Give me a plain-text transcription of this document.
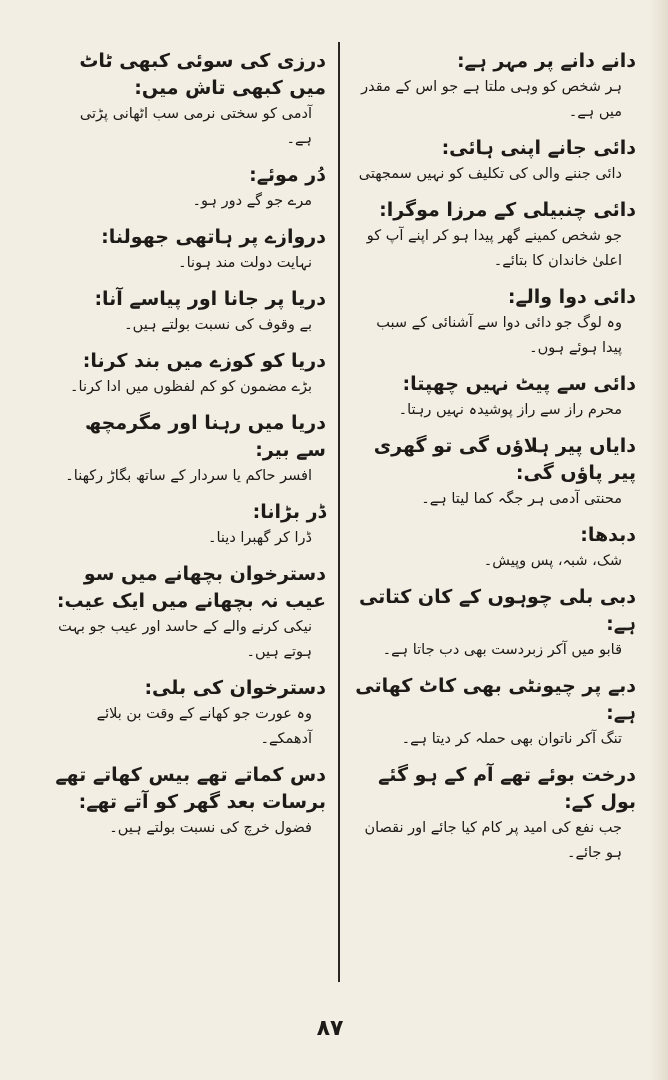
دانے دانے پر مہر ہے:

ہر شخص کو وہی ملتا ہے جو اس کے مقدر میں ہے۔

دائی جانے اپنی ہائی:

دائی جننے والی کی تکلیف کو نہیں سمجھتی

دائی چنبیلی کے مرزا موگرا:

جو شخص کمینے گھر پیدا ہو کر اپنے آپ کو اعلیٰ خاندان کا بتائے۔

دائی دوا والے:

وہ لوگ جو دائی دوا سے آشنائی کے سبب پیدا ہوئے ہوں۔

دائی سے پیٹ نہیں چھپتا:

محرم راز سے راز پوشیدہ نہیں رہتا۔

دایاں پیر ہلاؤں گی تو گھری پیر پاؤں گی:

محنتی آدمی ہر جگہ کما لیتا ہے۔

دبدھا:

شک، شبہ، پس وپیش۔

دبی بلی چوہوں کے کان کتاتی ہے:

قابو میں آکر زبردست بھی دب جاتا ہے۔

دبے پر چیونٹی بھی کاٹ کھاتی ہے:

تنگ آکر ناتوان بھی حملہ کر دیتا ہے۔

درخت بوئے تھے آم کے ہو گئے بول کے:

جب نفع کی امید پر کام کیا جائے اور نقصان ہو جائے۔

درزی کی سوئی کبھی ٹاٹ میں کبھی تاش میں:

آدمی کو سختی نرمی سب اٹھانی پڑتی ہے۔

دُر موئے:

مرے جو گے دور ہو۔

دروازے پر ہاتھی جھولنا:

نہایت دولت مند ہونا۔

دریا پر جانا اور پیاسے آنا:

بے وقوف کی نسبت بولتے ہیں۔

دریا کو کوزے میں بند کرنا:

بڑے مضمون کو کم لفظوں میں ادا کرنا۔

دریا میں رہنا اور مگرمچھ سے بیر:

افسر حاکم یا سردار کے ساتھ بگاڑ رکھنا۔

ڈر بڑانا:

ڈرا کر گھبرا دینا۔

دسترخوان بچھانے میں سو عیب نہ بچھانے میں ایک عیب:

نیکی کرنے والے کے حاسد اور عیب جو بہت ہوتے ہیں۔

دسترخوان کی بلی:

وہ عورت جو کھانے کے وقت بن بلائے آدھمکے۔

دس کماتے تھے بیس کھاتے تھے برسات بعد گھر کو آتے تھے:

فضول خرچ کی نسبت بولتے ہیں۔

۸۷
